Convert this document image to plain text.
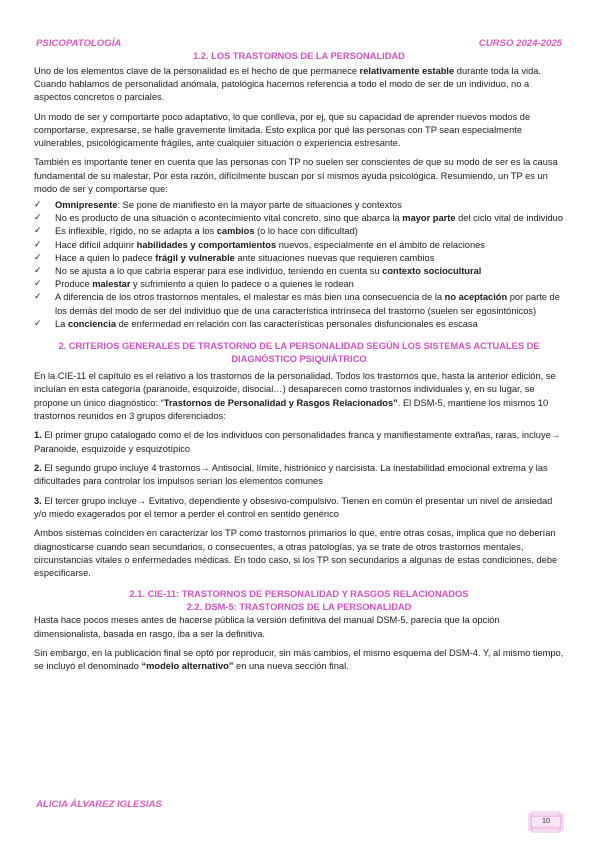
PSICOPATOLOGÍA	CURSO 2024-2025
1.2. LOS TRASTORNOS DE LA PERSONALIDAD

Uno de los elementos clave de la personalidad es el hecho de que permanece relativamente estable durante toda la vida. Cuando hablamos de personalidad anómala, patológica hacemos referencia a todo el modo de ser de un individuo, no a aspectos concretos o parciales.

Un modo de ser y comportarte poco adaptativo, lo que conlleva, por ej, que su capacidad de aprender nuevos modos de comportarse, expresarse, se halle gravemente limitada. Esto explica por qué las personas con TP sean especialmente vulnerables, psicológicamente frágiles, ante cualquier situación o experiencia estresante.

También es importante tener en cuenta que las personas con TP no suelen ser conscientes de que su modo de ser es la causa fundamental de su malestar. Por esta razón, difícilmente buscan por sí mismos ayuda psicológica. Resumiendo, un TP es un modo de ser y comportarse que:

✓ Omnipresente: Se pone de manifiesto en la mayor parte de situaciones y contextos
✓ No es producto de una situación o acontecimiento vital concreto, sino que abarca la mayor parte del ciclo vital de individuo
✓ Es inflexible, rígido, no se adapta a los cambios (o lo hace con dificultad)
✓ Hace difícil adquirir habilidades y comportamientos nuevos, especialmente en el ámbito de relaciones
✓ Hace a quien lo padece frágil y vulnerable ante situaciones nuevas que requieren cambios
✓ No se ajusta a lo que cabría esperar para ese individuo, teniendo en cuenta su contexto sociocultural
✓ Produce malestar y sufrimiento a quien lo padece o a quienes le rodean
✓ A diferencia de los otros trastornos mentales, el malestar es más bien una consecuencia de la no aceptación por parte de los demás del modo de ser del individuo que de una característica intrínseca del trastorno (suelen ser egosintónicos)
✓ La conciencia de enfermedad en relación con las características personales disfuncionales es escasa
2. CRITERIOS GENERALES DE TRASTORNO DE LA PERSONALIDAD SEGÚN LOS SISTEMAS ACTUALES DE DIAGNÓSTICO PSIQUIÁTRICO

En la CIE-11 el capítulo es el relativo a los trastornos de la personalidad. Todos los trastornos que, hasta la anterior edición, se incluían en esta categoría (paranoide, esquizoide, disocial…) desaparecen como trastornos individuales y, en su lugar, se propone un único diagnóstico: “Trastornos de Personalidad y Rasgos Relacionados”. El DSM-5, mantiene los mismos 10 trastornos reunidos en 3 grupos diferenciados:

1. El primer grupo catalogado como el de los individuos con personalidades franca y manifiestamente extrañas, raras, incluye→ Paranoide, esquizoide y esquizotípico

2. El segundo grupo incluye 4 trastornos→ Antisocial, límite, histriónico y narcisista. La inestabilidad emocional extrema y las dificultades para controlar los impulsos serían los elementos comunes

3. El tercer grupo incluye→ Evitativo, dependiente y obsesivo-compulsivo. Tienen en común el presentar un nivel de ansiedad y/o miedo exagerados por el temor a perder el control en sentido genérico

Ambos sistemas coinciden en caracterizar los TP como trastornos primarios lo que, entre otras cosas, implica que no deberían diagnosticarse cuando sean secundarios, o consecuentes, a otras patologías, ya se trate de otros trastornos mentales, circunstancias vitales o enfermedades médicas. En todo caso, si los TP son secundarios a algunas de estas condiciones, debe especificarse.

2.1. CIE-11: TRASTORNOS DE PERSONALIDAD Y RASGOS RELACIONADOS
2.2. DSM-5: TRASTORNOS DE LA PERSONALIDAD

Hasta hace pocos meses antes de hacerse pública la versión definitiva del manual DSM-5, parecía que la opción dimensionalista, basada en rasgo, iba a ser la definitiva.

Sin embargo, en la publicación final se optó por reproducir, sin más cambios, el mismo esquema del DSM-4. Y, al mismo tiempo, se incluyó el denominado “modelo alternativo” en una nueva sección final.

ALICIA ÁLVAREZ IGLESIAS
10
